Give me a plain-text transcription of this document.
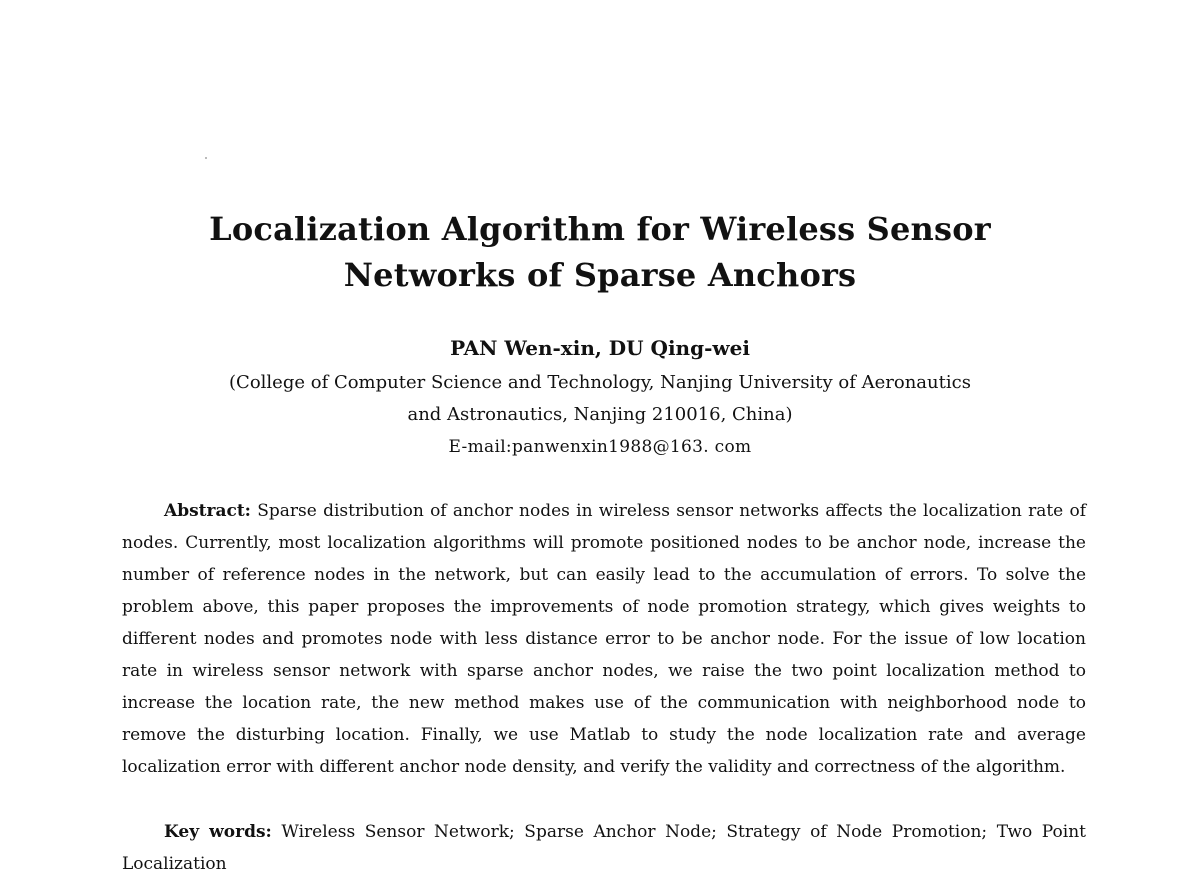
Localization Algorithm for Wireless Sensor
Networks of Sparse Anchors
PAN Wen-xin, DU Qing-wei
(College of Computer Science and Technology, Nanjing University of Aeronautics
and Astronautics, Nanjing 210016, China)
E-mail:panwenxin1988@163. com

Abstract: Sparse distribution of anchor nodes in wireless sensor networks affects the localization rate of nodes. Currently, most localization algorithms will promote positioned nodes to be anchor node, increase the number of reference nodes in the network, but can easily lead to the accumulation of errors. To solve the problem above, this paper proposes the improvements of node promotion strategy, which gives weights to different nodes and promotes node with less distance error to be anchor node. For the issue of low location rate in wireless sensor network with sparse anchor nodes, we raise the two point localization method to increase the location rate, the new method makes use of the communication with neighborhood node to remove the disturbing location. Finally, we use Matlab to study the node localization rate and average localization error with different anchor node density, and verify the validity and correctness of the algorithm.

Key words: Wireless Sensor Network; Sparse Anchor Node; Strategy of Node Promotion; Two Point Localization
